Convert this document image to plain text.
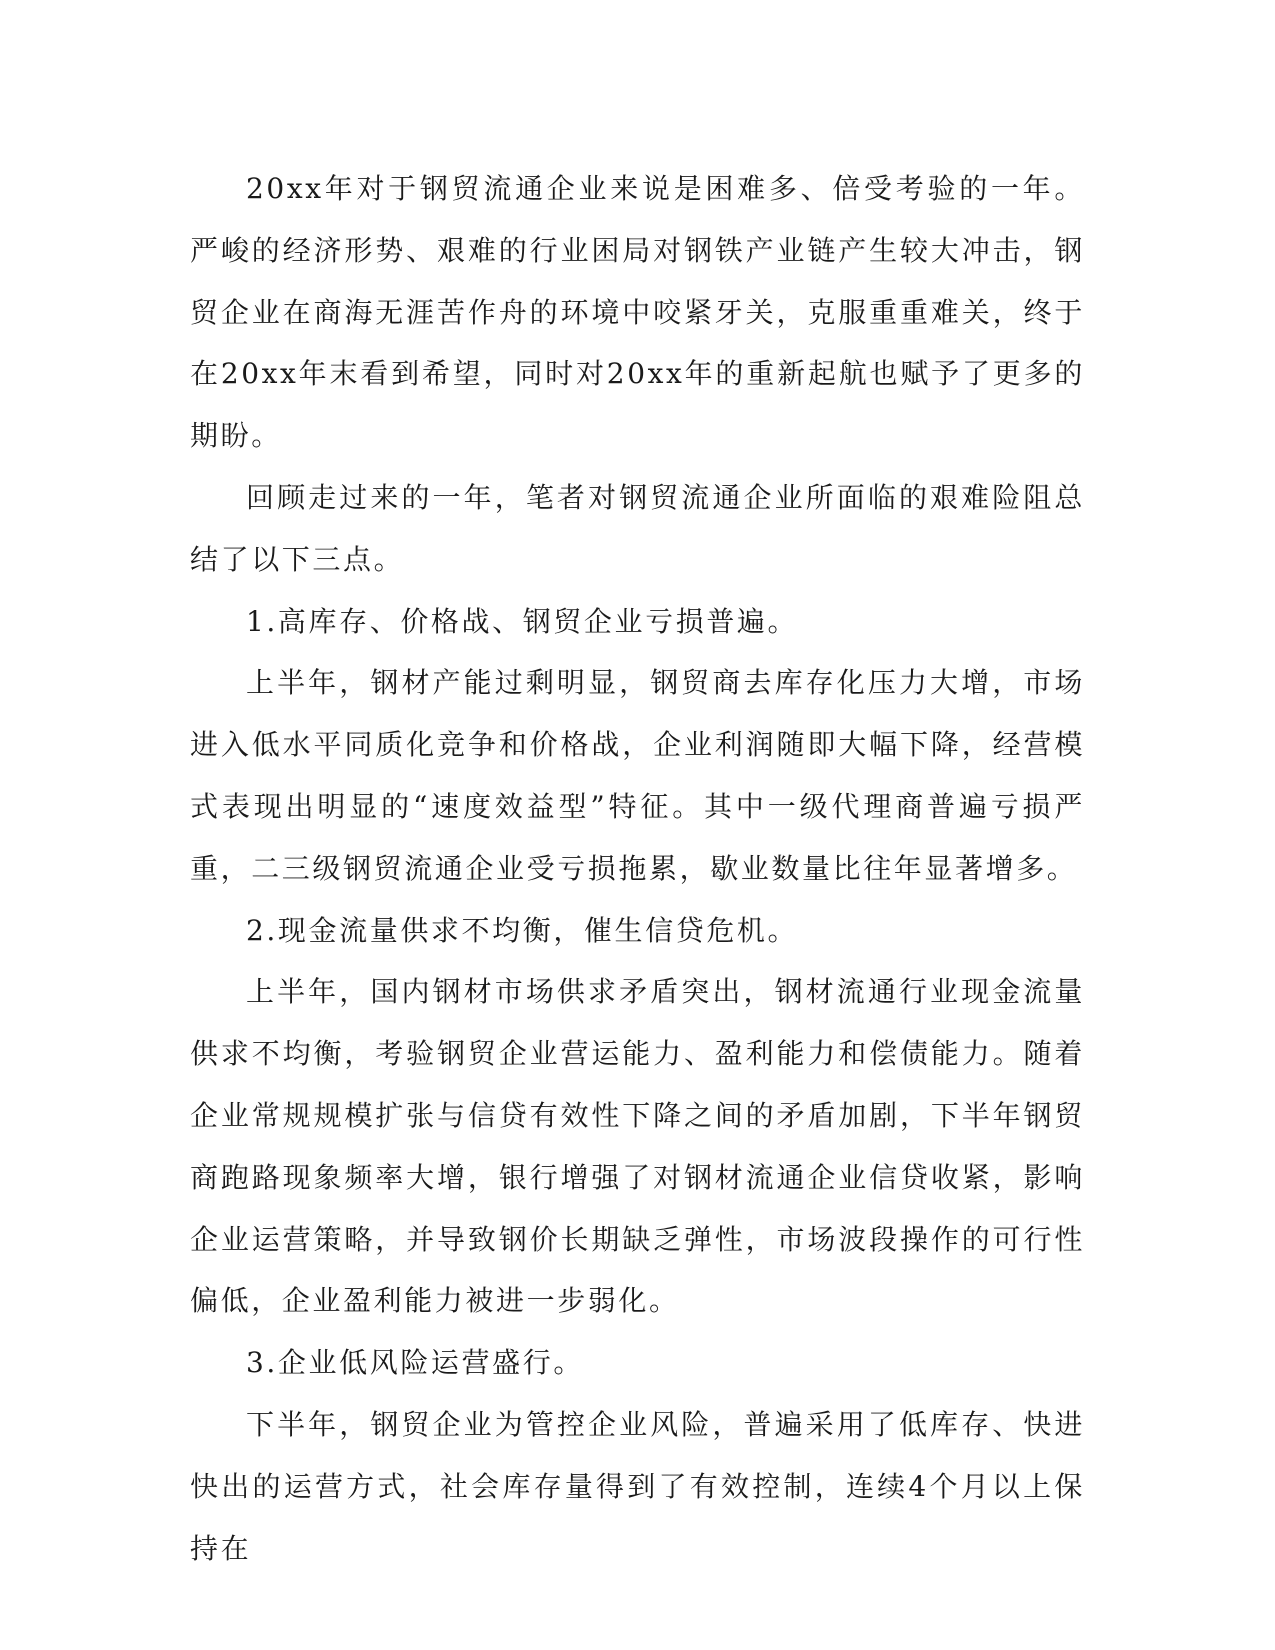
20xx年对于钢贸流通企业来说是困难多、倍受考验的一年。严峻的经济形势、艰难的行业困局对钢铁产业链产生较大冲击，钢贸企业在商海无涯苦作舟的环境中咬紧牙关，克服重重难关，终于在20xx年末看到希望，同时对20xx年的重新起航也赋予了更多的期盼。

回顾走过来的一年，笔者对钢贸流通企业所面临的艰难险阻总结了以下三点。

1.高库存、价格战、钢贸企业亏损普遍。

上半年，钢材产能过剩明显，钢贸商去库存化压力大增，市场进入低水平同质化竞争和价格战，企业利润随即大幅下降，经营模式表现出明显的“速度效益型”特征。其中一级代理商普遍亏损严重，二三级钢贸流通企业受亏损拖累，歇业数量比往年显著增多。

2.现金流量供求不均衡，催生信贷危机。

上半年，国内钢材市场供求矛盾突出，钢材流通行业现金流量供求不均衡，考验钢贸企业营运能力、盈利能力和偿债能力。随着企业常规规模扩张与信贷有效性下降之间的矛盾加剧，下半年钢贸商跑路现象频率大增，银行增强了对钢材流通企业信贷收紧，影响企业运营策略，并导致钢价长期缺乏弹性，市场波段操作的可行性偏低，企业盈利能力被进一步弱化。

3.企业低风险运营盛行。

下半年，钢贸企业为管控企业风险，普遍采用了低库存、快进快出的运营方式，社会库存量得到了有效控制，连续4个月以上保持在
